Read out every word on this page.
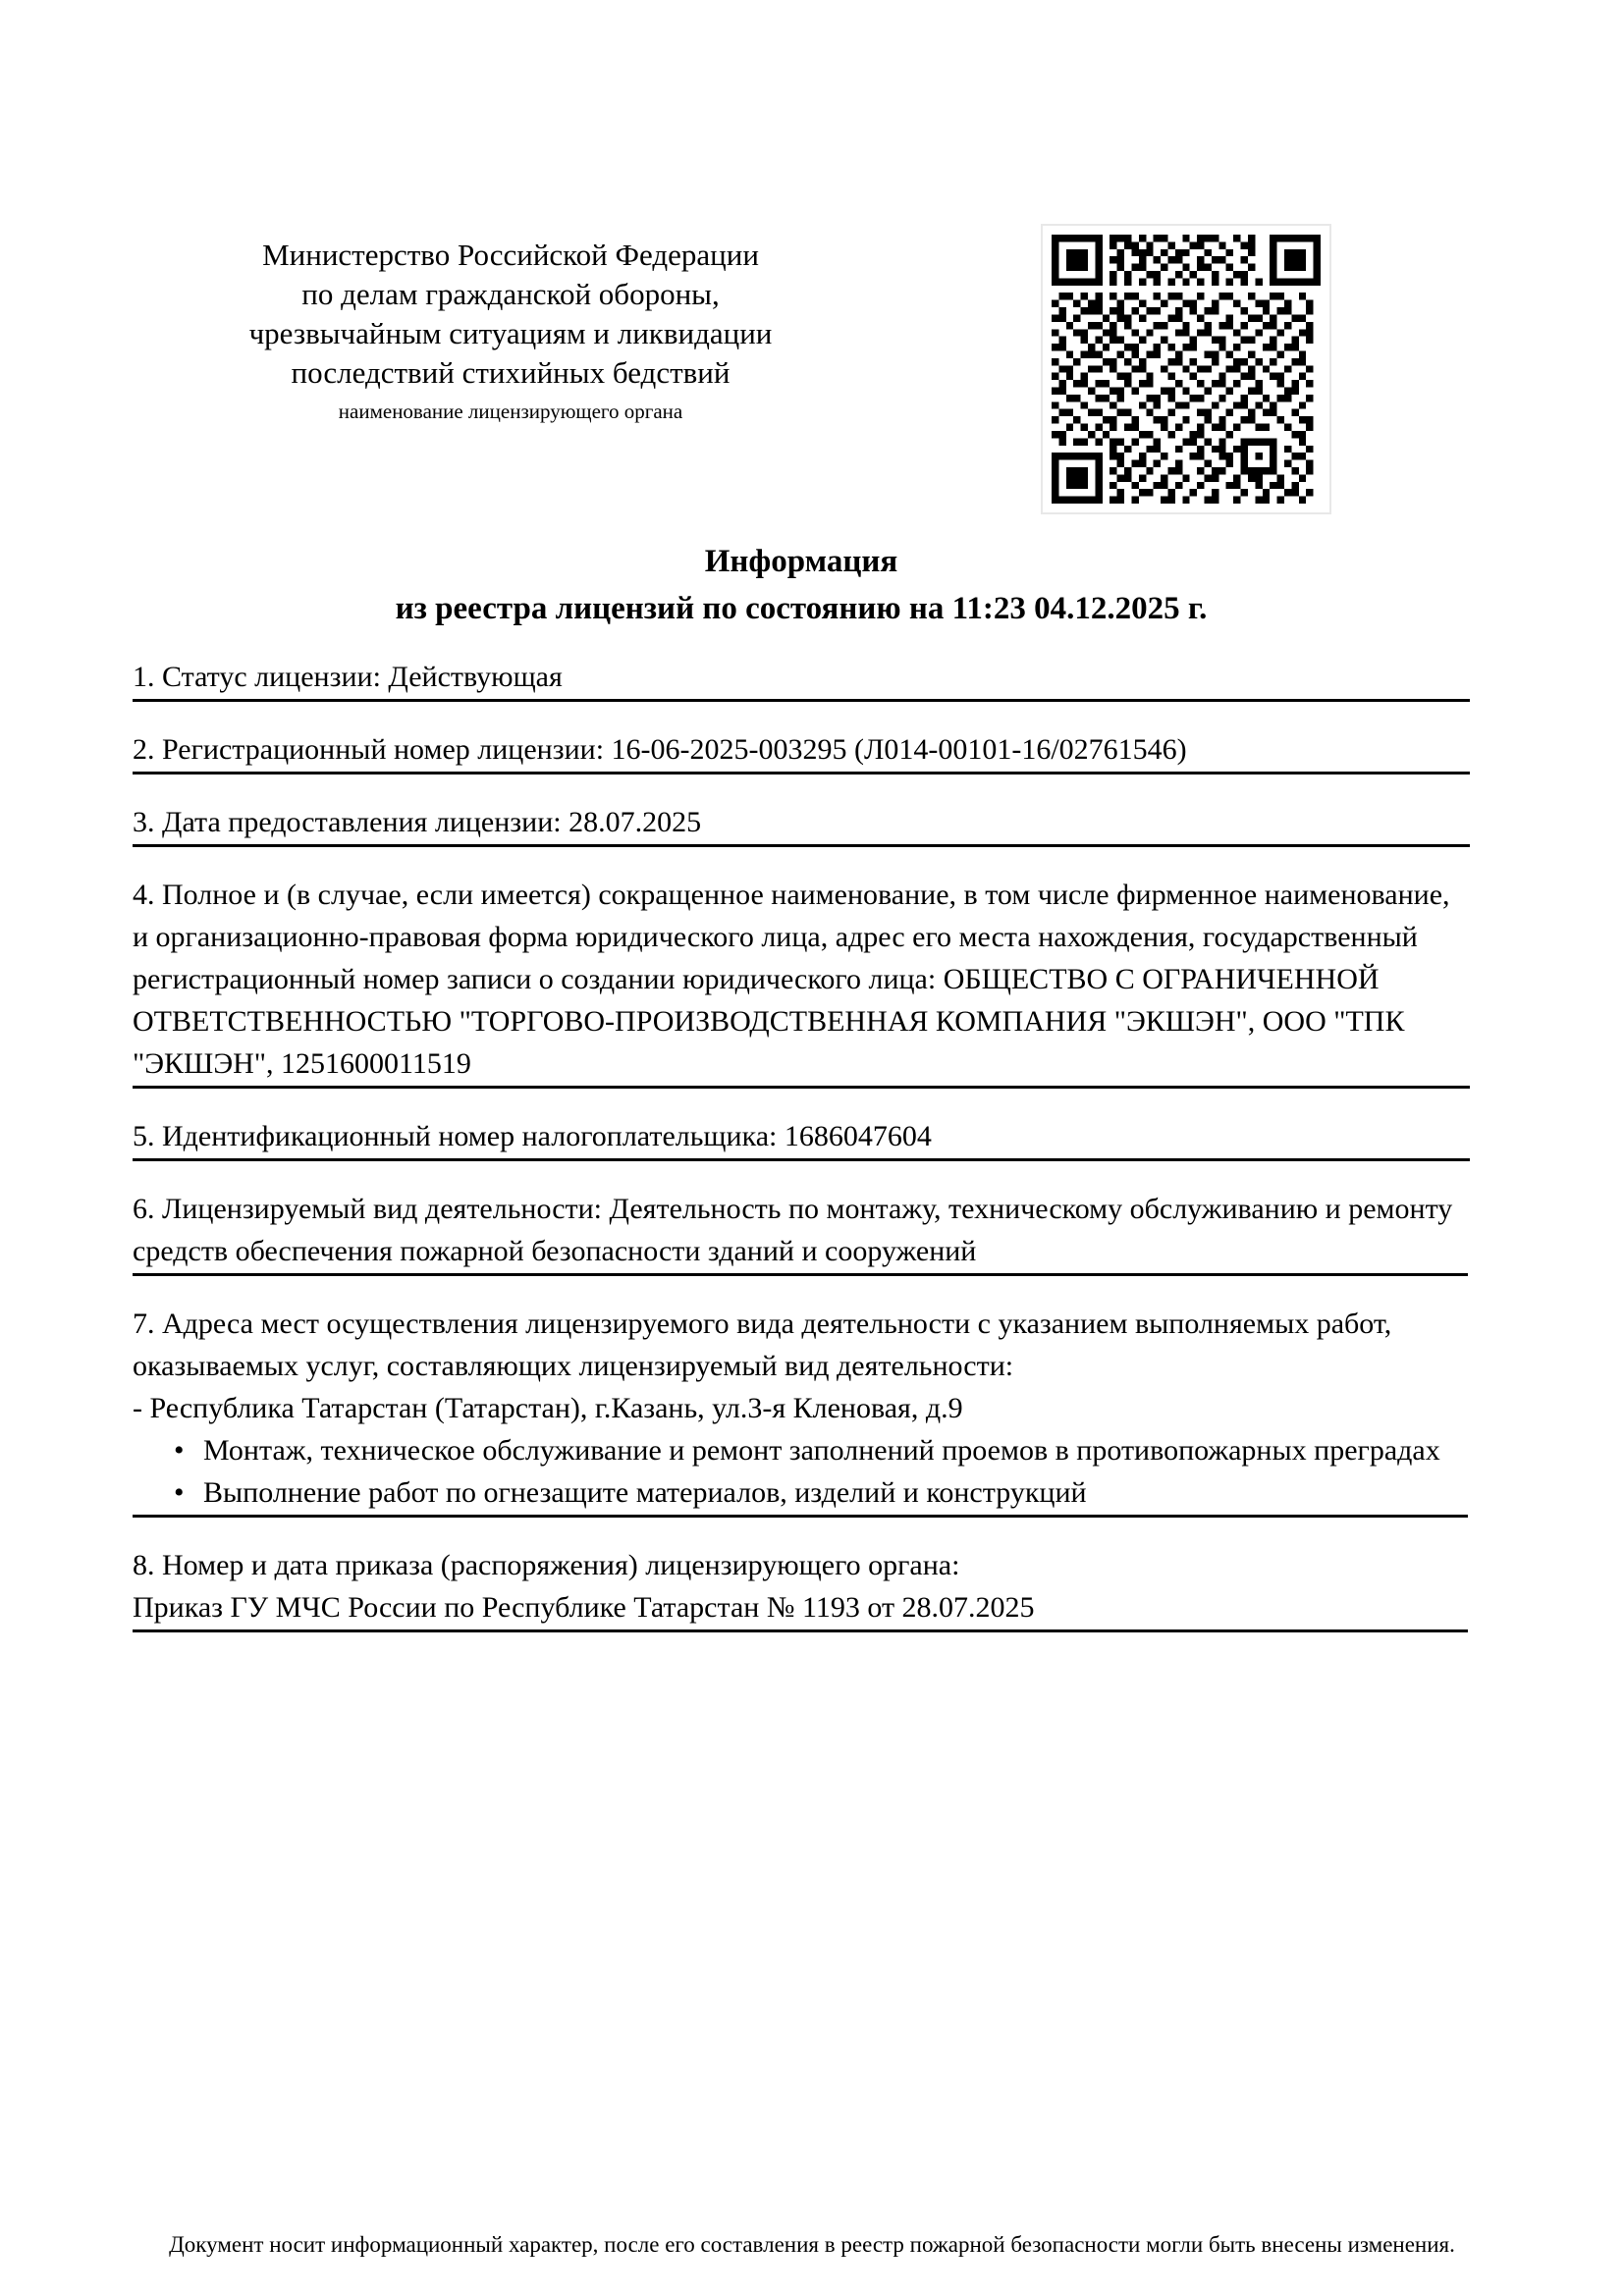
Министерство Российской Федерации
по делам гражданской обороны,
чрезвычайным ситуациям и ликвидации
последствий стихийных бедствий
наименование лицензирующего органа
Информация
из реестра лицензий по состоянию на 11:23 04.12.2025 г.

1. Статус лицензии: Действующая

2. Регистрационный номер лицензии: 16-06-2025-003295 (Л014-00101-16/02761546)

3. Дата предоставления лицензии: 28.07.2025

4. Полное и (в случае, если имеется) сокращенное наименование, в том числе фирменное наименование, и организационно-правовая форма юридического лица, адрес его места нахождения, государственный регистрационный номер записи о создании юридического лица: ОБЩЕСТВО С ОГРАНИЧЕННОЙ ОТВЕТСТВЕННОСТЬЮ "ТОРГОВО-ПРОИЗВОДСТВЕННАЯ КОМПАНИЯ "ЭКШЭН", ООО "ТПК "ЭКШЭН", 1251600011519

5. Идентификационный номер налогоплательщика: 1686047604

6. Лицензируемый вид деятельности: Деятельность по монтажу, техническому обслуживанию и ремонту средств обеспечения пожарной безопасности зданий и сооружений

7. Адреса мест осуществления лицензируемого вида деятельности с указанием выполняемых работ, оказываемых услуг, составляющих лицензируемый вид деятельности:

- Республика Татарстан (Татарстан), г.Казань, ул.3-я Кленовая, д.9

• Монтаж, техническое обслуживание и ремонт заполнений проемов в противопожарных преградах
• Выполнение работ по огнезащите материалов, изделий и конструкций

8. Номер и дата приказа (распоряжения) лицензирующего органа:

Приказ ГУ МЧС России по Республике Татарстан № 1193 от 28.07.2025

Документ носит информационный характер, после его составления в реестр пожарной безопасности могли быть внесены изменения.
